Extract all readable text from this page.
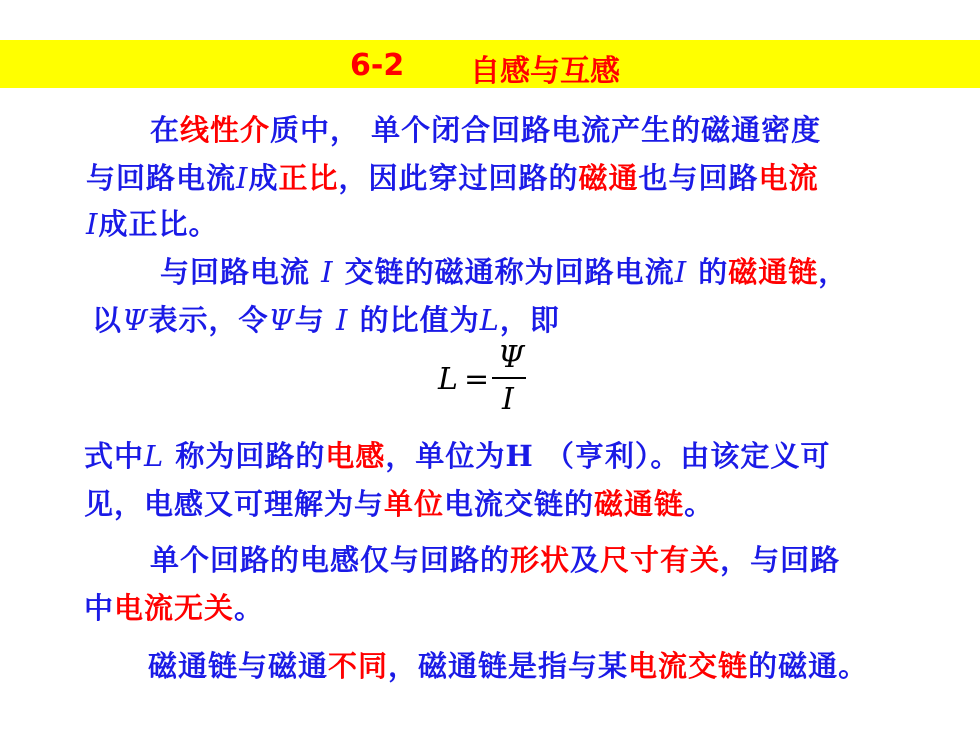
6-2 自感与互感
在线性介质中， 单个闭合回路电流产生的磁通密度
与回路电流I成正比，因此穿过回路的磁通也与回路电流
I成正比。
与回路电流 I 交链的磁通称为回路电流I 的磁通链，
以Ψ表示，令Ψ与 I 的比值为L，即
L =
Ψ
I
式中L 称为回路的电感，单位为H （亨利）。由该定义可
见，电感又可理解为与单位电流交链的磁通链。
单个回路的电感仅与回路的形状及尺寸有关，与回路
中电流无关。
磁通链与磁通不同，磁通链是指与某电流交链的磁通。
